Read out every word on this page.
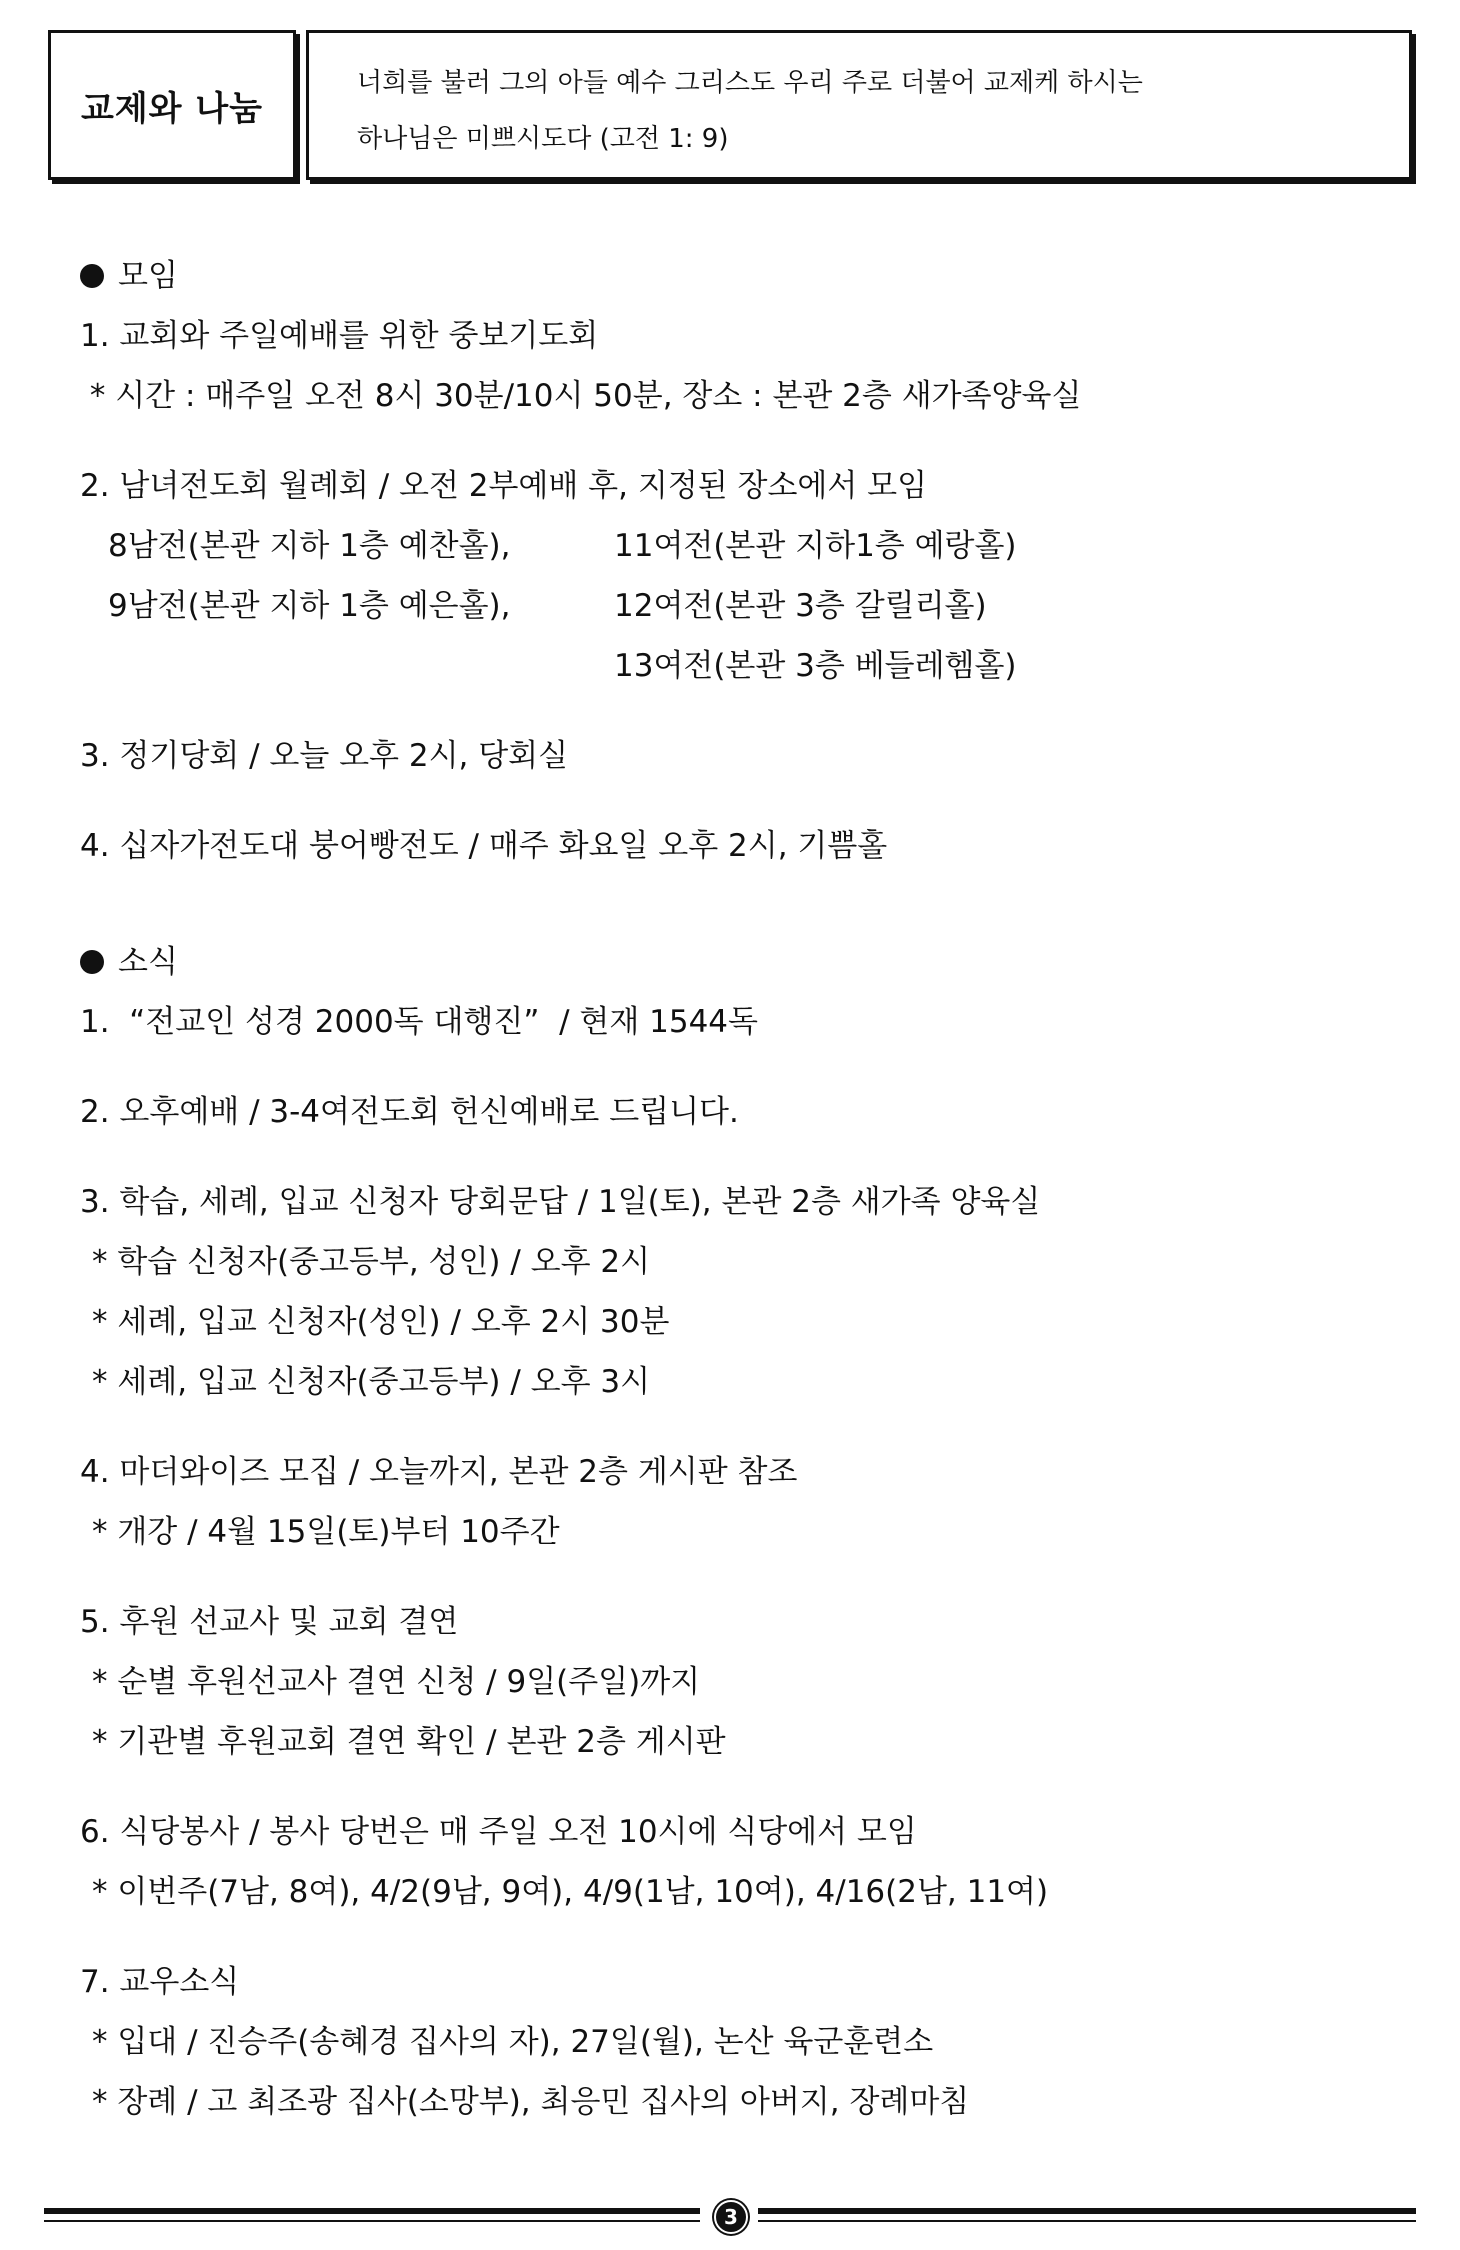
교제와 나눔
너희를 불러 그의 아들 예수 그리스도 우리 주로 더불어 교제케 하시는
하나님은 미쁘시도다 (고전 1: 9)
모임
1. 교회와 주일예배를 위한 중보기도회
* 시간 : 매주일 오전 8시 30분/10시 50분, 장소 : 본관 2층 새가족양육실
2. 남녀전도회 월례회 / 오전 2부예배 후, 지정된 장소에서 모임
8남전(본관 지하 1층 예찬홀),
9남전(본관 지하 1층 예은홀),
11여전(본관 지하1층 예랑홀)
12여전(본관 3층 갈릴리홀)
13여전(본관 3층 베들레헴홀)
3. 정기당회 / 오늘 오후 2시, 당회실
4. 십자가전도대 붕어빵전도 / 매주 화요일 오후 2시, 기쁨홀
소식
1.  “전교인 성경 2000독 대행진”  / 현재 1544독
2. 오후예배 / 3-4여전도회 헌신예배로 드립니다.
3. 학습, 세례, 입교 신청자 당회문답 / 1일(토), 본관 2층 새가족 양육실
* 학습 신청자(중고등부, 성인) / 오후 2시
* 세례, 입교 신청자(성인) / 오후 2시 30분
* 세례, 입교 신청자(중고등부) / 오후 3시
4. 마더와이즈 모집 / 오늘까지, 본관 2층 게시판 참조
* 개강 / 4월 15일(토)부터 10주간
5. 후원 선교사 및 교회 결연
* 순별 후원선교사 결연 신청 / 9일(주일)까지
* 기관별 후원교회 결연 확인 / 본관 2층 게시판
6. 식당봉사 / 봉사 당번은 매 주일 오전 10시에 식당에서 모임
* 이번주(7남, 8여), 4/2(9남, 9여), 4/9(1남, 10여), 4/16(2남, 11여)
7. 교우소식
* 입대 / 진승주(송혜경 집사의 자), 27일(월), 논산 육군훈련소
* 장례 / 고 최조광 집사(소망부), 최응민 집사의 아버지, 장례마침
3
